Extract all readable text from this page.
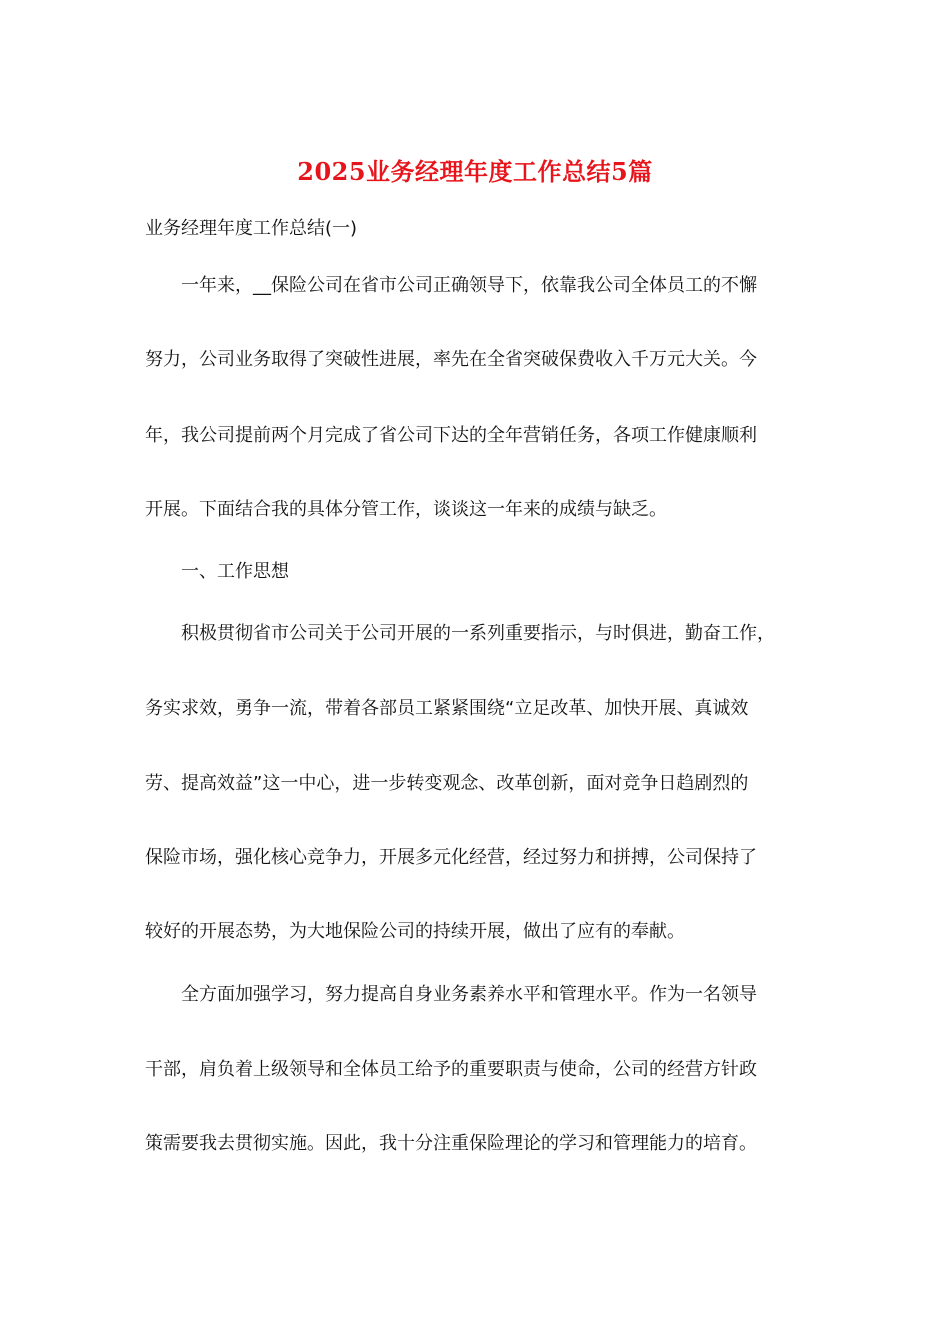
2025业务经理年度工作总结5篇
业务经理年度工作总结(一)
一年来，__保险公司在省市公司正确领导下，依靠我公司全体员工的不懈
努力，公司业务取得了突破性进展，率先在全省突破保费收入千万元大关。今
年，我公司提前两个月完成了省公司下达的全年营销任务，各项工作健康顺利
开展。下面结合我的具体分管工作，谈谈这一年来的成绩与缺乏。
一、工作思想
积极贯彻省市公司关于公司开展的一系列重要指示，与时俱进，勤奋工作，
务实求效，勇争一流，带着各部员工紧紧围绕“立足改革、加快开展、真诚效
劳、提高效益”这一中心，进一步转变观念、改革创新，面对竞争日趋剧烈的
保险市场，强化核心竞争力，开展多元化经营，经过努力和拼搏，公司保持了
较好的开展态势，为大地保险公司的持续开展，做出了应有的奉献。
全方面加强学习，努力提高自身业务素养水平和管理水平。作为一名领导
干部，肩负着上级领导和全体员工给予的重要职责与使命，公司的经营方针政
策需要我去贯彻实施。因此，我十分注重保险理论的学习和管理能力的培育。
